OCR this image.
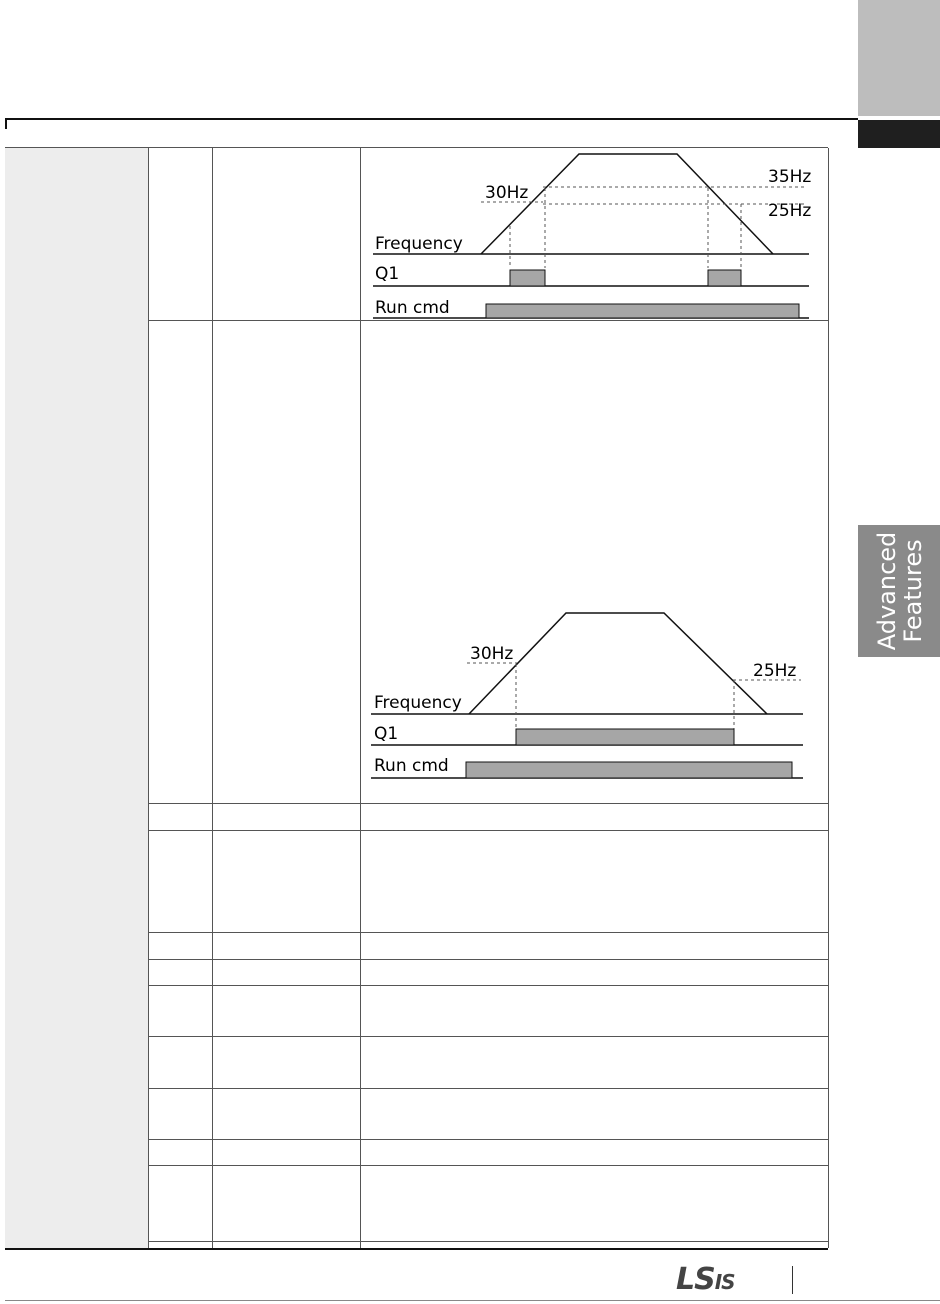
Advanced
Features
30Hz
35Hz
25Hz
Frequency
Q1
Run cmd
30Hz
25Hz
Frequency
Q1
Run cmd
LSIS
